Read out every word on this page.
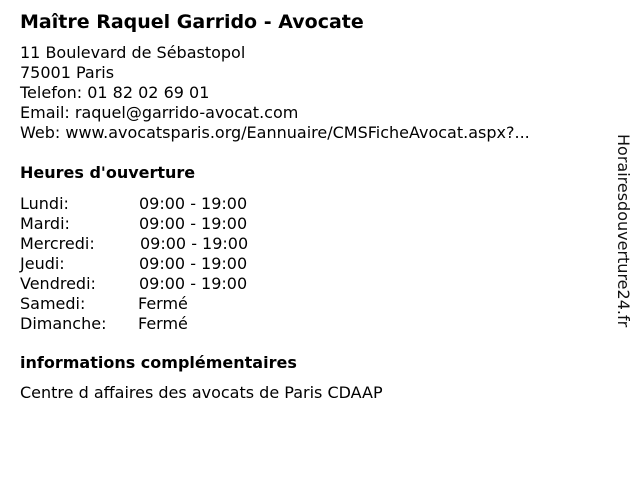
Maître Raquel Garrido - Avocate
11 Boulevard de Sébastopol
75001 Paris
Telefon: 01 82 02 69 01
Email: raquel@garrido-avocat.com
Web: www.avocatsparis.org/Eannuaire/CMSFicheAvocat.aspx?...
Heures d'ouverture
Lundi:	09:00 - 19:00
Mardi:	09:00 - 19:00
Mercredi:	09:00 - 19:00
Jeudi:	09:00 - 19:00
Vendredi:	09:00 - 19:00
Samedi:	Fermé
Dimanche: Fermé
informations complémentaires
Centre d affaires des avocats de Paris CDAAP
Horairesdouverture24.fr
